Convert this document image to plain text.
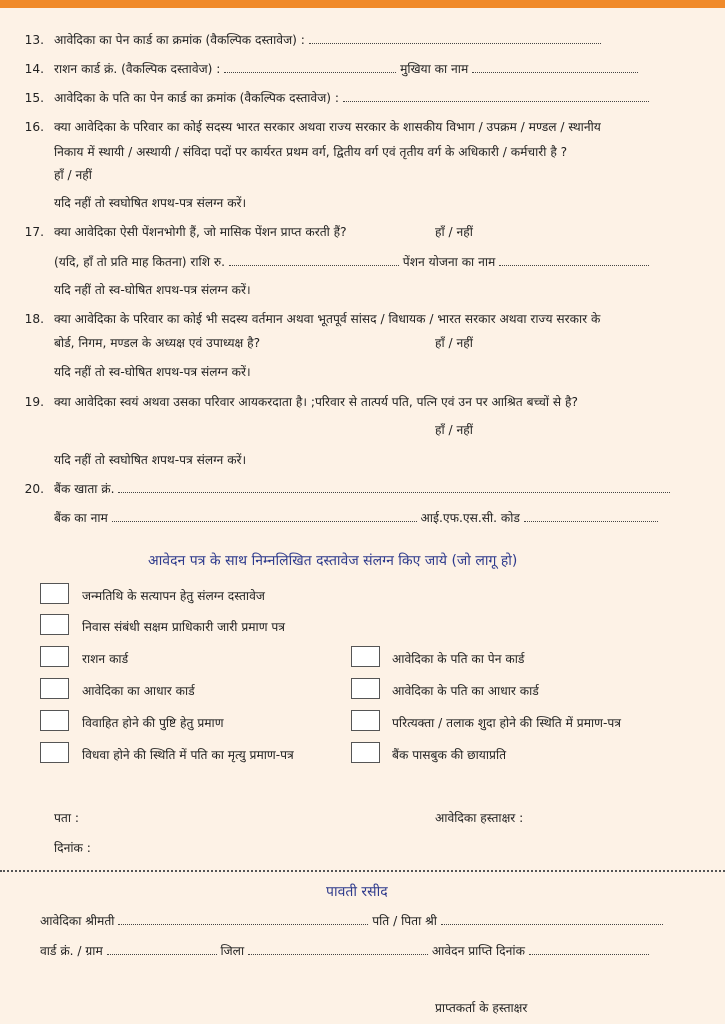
13. आवेदिका का पेन कार्ड का क्रमांक (वैकल्पिक दस्तावेज) :
14. राशन कार्ड क्रं. (वैकल्पिक दस्तावेज) :	मुखिया का नाम
15. आवेदिका के पति का पेन कार्ड का क्रमांक (वैकल्पिक दस्तावेज) :
16. क्या आवेदिका के परिवार का कोई सदस्य भारत सरकार अथवा राज्य सरकार के शासकीय विभाग / उपक्रम / मण्डल / स्थानीय
निकाय में स्थायी / अस्थायी / संविदा पदों पर कार्यरत प्रथम वर्ग, द्वितीय वर्ग एवं तृतीय वर्ग के अधिकारी / कर्मचारी है ?
हाँ / नहीं
यदि नहीं तो स्वघोषित शपथ-पत्र संलग्न करें।
17. क्या आवेदिका ऐसी पेंशनभोगी हैं, जो मासिक पेंशन प्राप्त करती हैं?	हाँ / नहीं
(यदि, हाँ तो प्रति माह कितना) राशि रु.	पेंशन योजना का नाम
यदि नहीं तो स्व-घोषित शपथ-पत्र संलग्न करें।
18. क्या आवेदिका के परिवार का कोई भी सदस्य वर्तमान अथवा भूतपूर्व सांसद / विधायक / भारत सरकार अथवा राज्य सरकार के
बोर्ड, निगम, मण्डल के अध्यक्ष एवं उपाध्यक्ष है?	हाँ / नहीं
यदि नहीं तो स्व-घोषित शपथ-पत्र संलग्न करें।
19. क्या आवेदिका स्वयं अथवा उसका परिवार आयकरदाता है। ;परिवार से तात्पर्य पति, पत्नि एवं उन पर आश्रित बच्चों से है?
हाँ / नहीं
यदि नहीं तो स्वघोषित शपथ-पत्र संलग्न करें।
20. बैंक खाता क्रं.
बैंक का नाम	आई.एफ.एस.सी. कोड
आवेदन पत्र के साथ निम्नलिखित दस्तावेज संलग्न किए जाये (जो लागू हो)
जन्मतिथि के सत्यापन हेतु संलग्न दस्तावेज
निवास संबंधी सक्षम प्राधिकारी जारी प्रमाण पत्र
राशन कार्ड	आवेदिका के पति का पेन कार्ड
आवेदिका का आधार कार्ड	आवेदिका के पति का आधार कार्ड
विवाहित होने की पुष्टि हेतु प्रमाण	परित्यक्ता / तलाक शुदा होने की स्थिति में प्रमाण-पत्र
विधवा होने की स्थिति में पति का मृत्यु प्रमाण-पत्र	बैंक पासबुक की छायाप्रति
पता :	आवेदिका हस्ताक्षर :
दिनांक :
पावती रसीद
आवेदिका श्रीमती	पति / पिता श्री
वार्ड क्रं. / ग्राम	जिला	आवेदन प्राप्ति दिनांक
प्राप्तकर्ता के हस्ताक्षर
